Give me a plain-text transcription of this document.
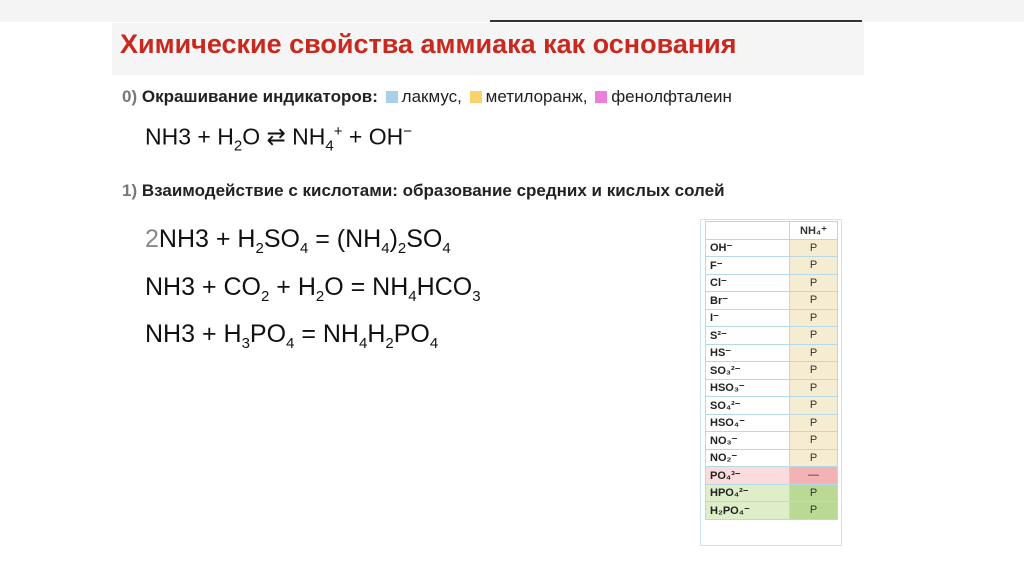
Химические свойства аммиака как основания
0) Окрашивание индикаторов: лакмус, метилоранж, фенолфталеин
$NH3 + H_2O$ ⇄ $NH_4^+ + OH^-$
1) Взаимодействие с кислотами: образование средних и кислых солей
$2NH3 + H_2SO_4 = (NH_4)_2SO_4$
$NH3 + CO_2 + H_2O = NH_4HCO_3$
$NH3 + H_3PO_4 = NH_4H_2PO_4$
	NH₄⁺
OH⁻	Р
F⁻	Р
Cl⁻	Р
Br⁻	Р
I⁻	Р
S²⁻	Р
HS⁻	Р
SO₃²⁻	Р
HSO₃⁻	Р
SO₄²⁻	Р
HSO₄⁻	Р
NO₃⁻	Р
NO₂⁻	Р
PO₄³⁻	—
HPO₄²⁻	Р
H₂PO₄⁻	Р
